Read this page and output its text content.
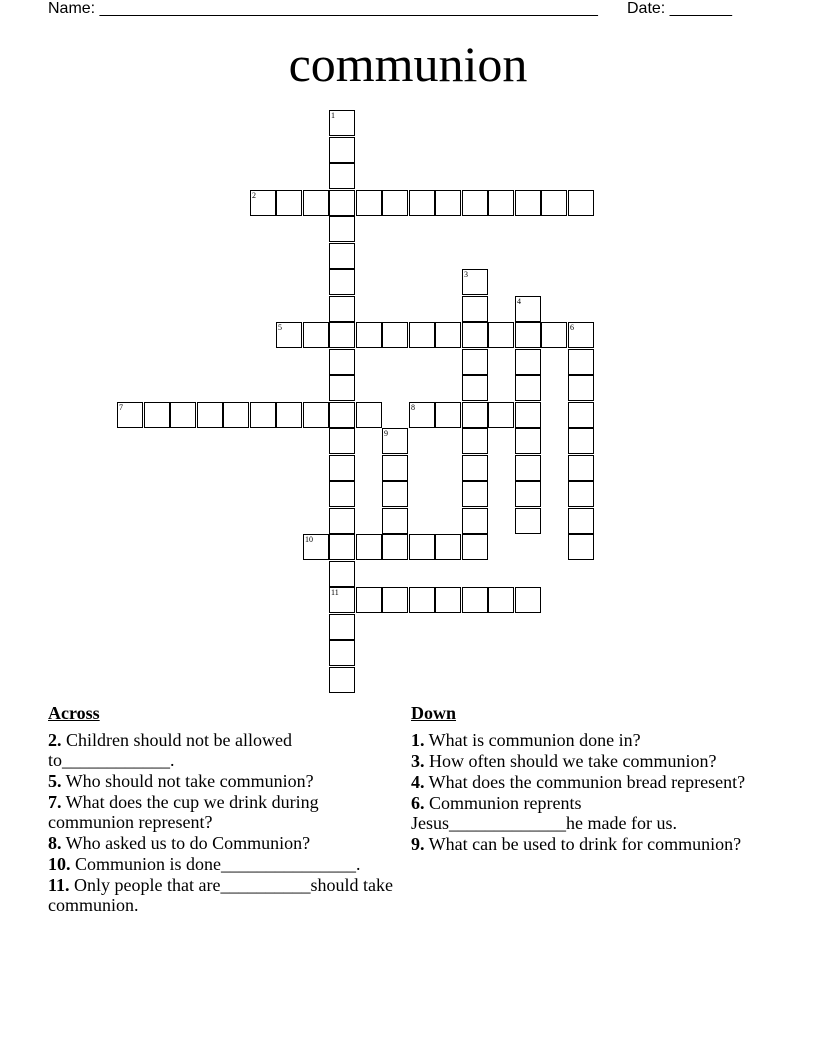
Name: ________________________________________________________ Date: _______
communion
1
11
2
3
4
5	6
7	8
9
10
Across
2. Children should not be allowed to____________.
5. Who should not take communion?
7. What does the cup we drink during communion represent?
8. Who asked us to do Communion?
10. Communion is done_______________.
11. Only people that are__________should take communion.
Down
1. What is communion done in?
3. How often should we take communion?
4. What does the communion bread represent?
6. Communion reprents Jesus_____________he made for us.
9. What can be used to drink for communion?
